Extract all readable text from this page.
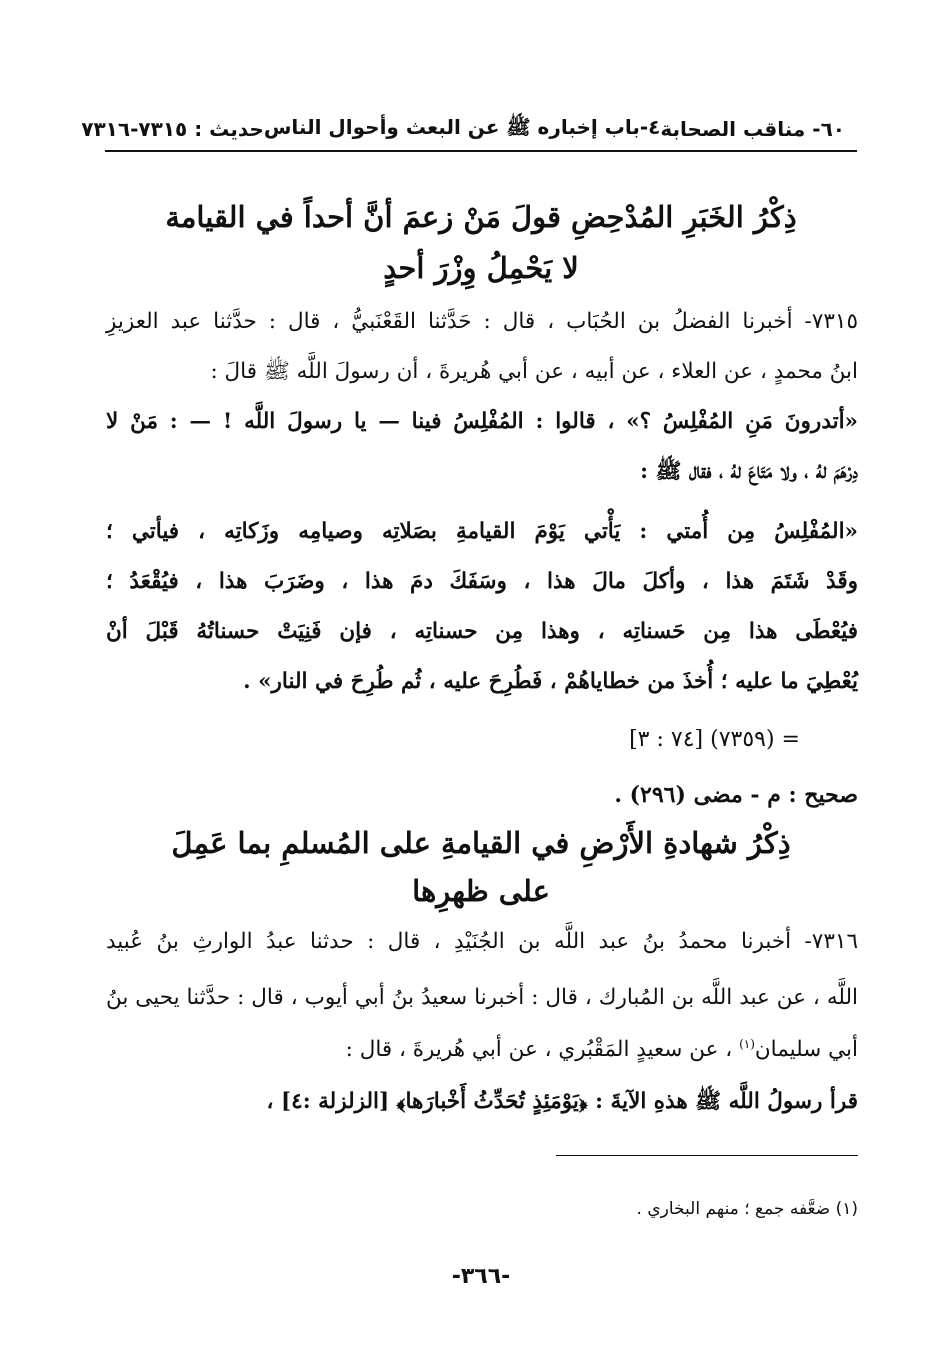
٦٠- مناقب الصحابة
٤-باب إخباره ﷺ عن البعث وأحوال الناس
حديث : ٧٣١٥-٧٣١٦
ذِكْرُ الخَبَرِ المُدْحِضِ قولَ مَنْ زعمَ أنَّ أحداً في القيامة
لا يَحْمِلُ وِزْرَ أحدٍ
٧٣١٥- أخبرنا الفضلُ بن الحُبَاب ، قال : حَدَّثنا القَعْنَبيُّ ، قال : حدَّثنا عبد العزيزِ
ابنُ محمدٍ ، عن العلاء ، عن أبيه ، عن أبي هُريرةَ ، أن رسولَ اللَّه ﷺ قالَ :
«أتدرونَ مَنِ المُفْلِسُ ؟» ، قالوا : المُفْلِسُ فينا — يا رسولَ اللَّه ! — : مَنْ لا
دِرْهَمَ لهُ ، ولا مَتَاعَ لهُ ، فقال ﷺ :
«المُفْلِسُ مِن أُمتي : يَأْتي يَوْمَ القيامةِ بصَلاتِه وصيامِه وزَكاتِه ، فيأتي ؛
وقَدْ شَتَمَ هذا ، وأكلَ مالَ هذا ، وسَفَكَ دمَ هذا ، وضَرَبَ هذا ، فيُقْعَدُ ؛
فيُعْطَى هذا مِن حَسناتِه ، وهذا مِن حسناتِه ، فإن فَنِيَتْ حسناتُهُ قَبْلَ أنْ
يُعْطِيَ ما عليه ؛ أُخذَ من خطاياهُمْ ، فَطُرِحَ عليه ، ثُم طُرِحَ في النار» .
= (٧٣٥٩) [٧٤ : ٣]
صحيح : م - مضى (٢٩٦) .
ذِكْرُ شهادةِ الأَرْضِ في القيامةِ على المُسلمِ بما عَمِلَ
على ظهرِها
٧٣١٦- أخبرنا محمدُ بنُ عبد اللَّه بن الجُنَيْدِ ، قال : حدثنا عبدُ الوارثِ بنُ عُبيد
اللَّه ، عن عبد اللَّه بن المُبارك ، قال : أخبرنا سعيدُ بنُ أبي أيوب ، قال : حدَّثنا يحيى بنُ
أبي سليمان$^{(١)}$ ، عن سعيدٍ المَقْبُري ، عن أبي هُريرةَ ، قال :
قرأ رسولُ اللَّه ﷺ هذهِ الآيةَ : ﴿يَوْمَئِذٍ تُحَدِّثُ أَخْبارَها﴾ [الزلزلة :٤] ،
(١) ضعَّفه جمع ؛ منهم البخاري .
-٣٦٦-
